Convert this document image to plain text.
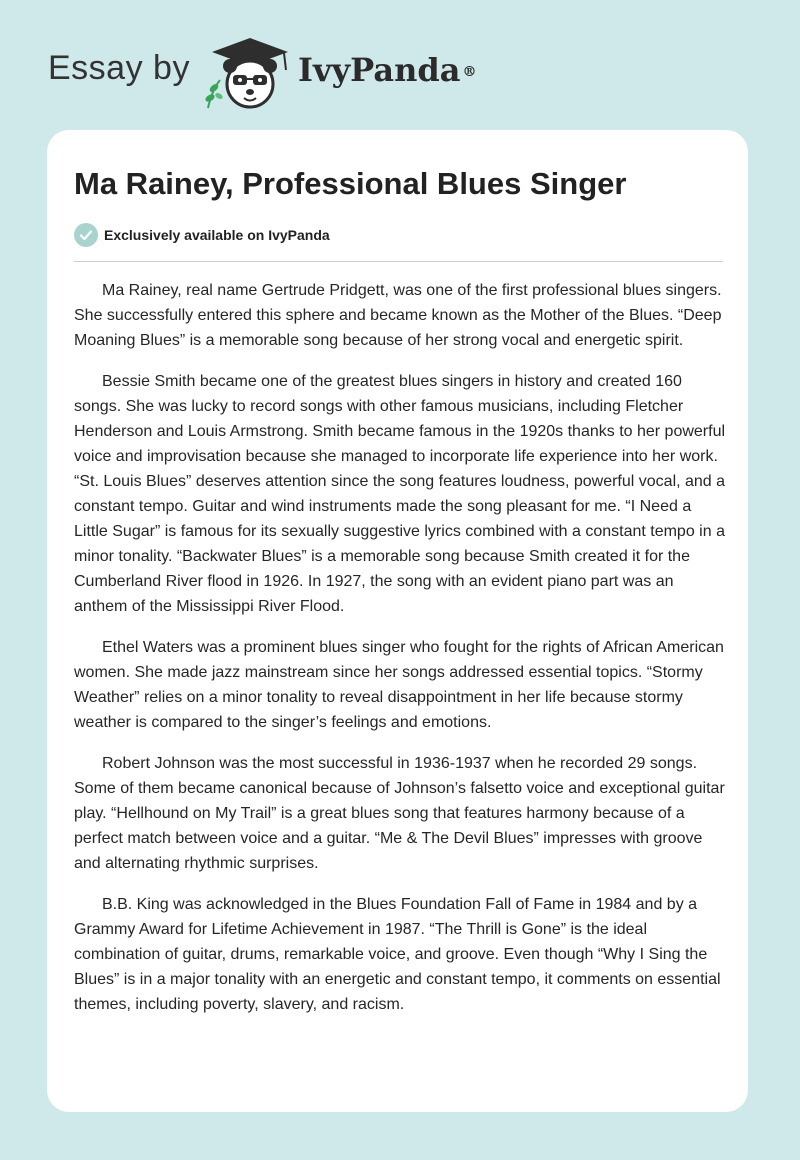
Essay by	IvyPanda ®
Ma Rainey, Professional Blues Singer
Exclusively available on IvyPanda

Ma Rainey, real name Gertrude Pridgett, was one of the first professional blues singers. She successfully entered this sphere and became known as the Mother of the Blues. “Deep Moaning Blues” is a memorable song because of her strong vocal and energetic spirit.

Bessie Smith became one of the greatest blues singers in history and created 160 songs. She was lucky to record songs with other famous musicians, including Fletcher Henderson and Louis Armstrong. Smith became famous in the 1920s thanks to her powerful voice and improvisation because she managed to incorporate life experience into her work. “St. Louis Blues” deserves attention since the song features loudness, powerful vocal, and a constant tempo. Guitar and wind instruments made the song pleasant for me. “I Need a Little Sugar” is famous for its sexually suggestive lyrics combined with a constant tempo in a minor tonality. “Backwater Blues” is a memorable song because Smith created it for the Cumberland River flood in 1926. In 1927, the song with an evident piano part was an anthem of the Mississippi River Flood.

Ethel Waters was a prominent blues singer who fought for the rights of African American women. She made jazz mainstream since her songs addressed essential topics. “Stormy Weather” relies on a minor tonality to reveal disappointment in her life because stormy weather is compared to the singer’s feelings and emotions.

Robert Johnson was the most successful in 1936-1937 when he recorded 29 songs. Some of them became canonical because of Johnson’s falsetto voice and exceptional guitar play. “Hellhound on My Trail” is a great blues song that features harmony because of a perfect match between voice and a guitar. “Me & The Devil Blues” impresses with groove and alternating rhythmic surprises.

B.B. King was acknowledged in the Blues Foundation Fall of Fame in 1984 and by a Grammy Award for Lifetime Achievement in 1987. “The Thrill is Gone” is the ideal combination of guitar, drums, remarkable voice, and groove. Even though “Why I Sing the Blues” is in a major tonality with an energetic and constant tempo, it comments on essential themes, including poverty, slavery, and racism.
